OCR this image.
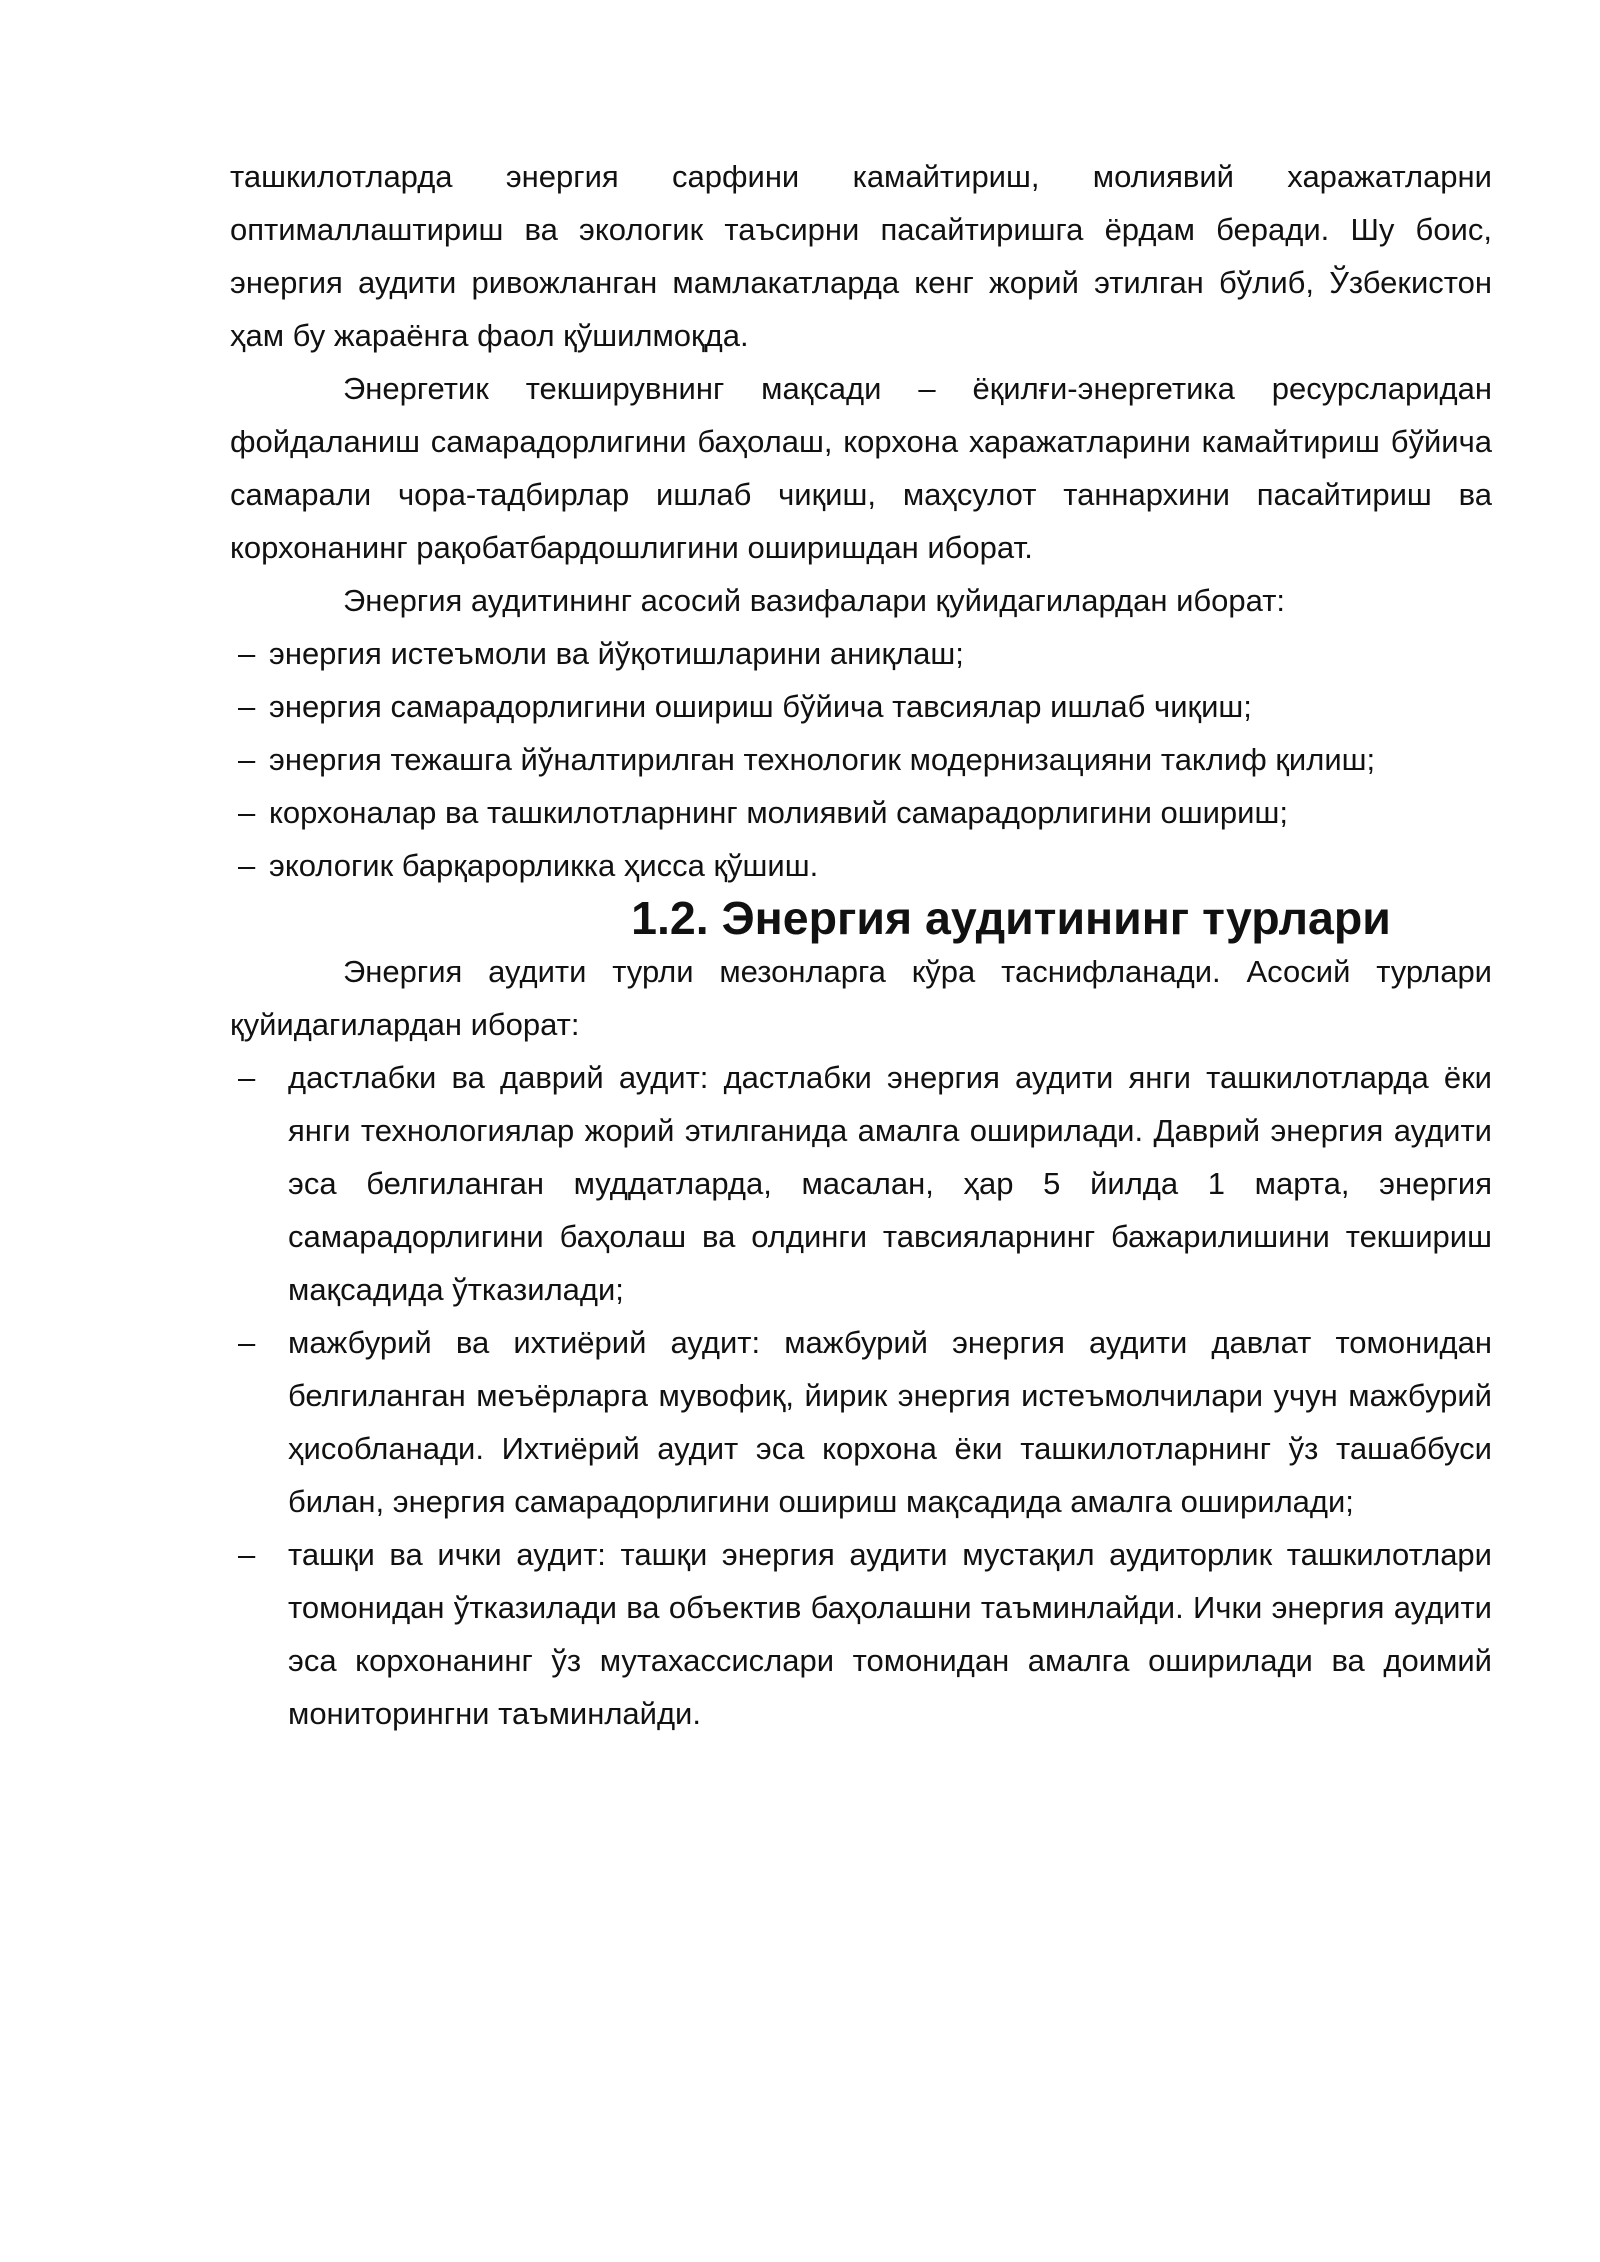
ташкилотларда энергия сарфини камайтириш, молиявий харажатларни оптималлаштириш ва экологик таъсирни пасайтиришга ёрдам беради. Шу боис, энергия аудити ривожланган мамлакатларда кенг жорий этилган бўлиб, Ўзбекистон ҳам бу жараёнга фаол қўшилмоқда.

Энергетик текширувнинг мақсади – ёқилғи-энергетика ресурсларидан фойдаланиш самарадорлигини баҳолаш, корхона харажатларини камайтириш бўйича самарали чора-тадбирлар ишлаб чиқиш, маҳсулот таннархини пасайтириш ва корхонанинг рақобатбардошлигини оширишдан иборат.

Энергия аудитининг асосий вазифалари қуйидагилардан иборат:

– энергия истеъмоли ва йўқотишларини аниқлаш;
– энергия самарадорлигини ошириш бўйича тавсиялар ишлаб чиқиш;
– энергия тежашга йўналтирилган технологик модернизацияни таклиф қилиш;
– корхоналар ва ташкилотларнинг молиявий самарадорлигини ошириш;
– экологик барқарорликка ҳисса қўшиш.
1.2. Энергия аудитининг турлари

Энергия аудити турли мезонларга кўра таснифланади. Асосий турлари қуйидагилардан иборат:

– дастлабки ва даврий аудит: дастлабки энергия аудити янги ташкилотларда ёки янги технологиялар жорий этилганида амалга оширилади. Даврий энергия аудити эса белгиланган муддатларда, масалан, ҳар 5 йилда 1 марта, энергия самарадорлигини баҳолаш ва олдинги тавсияларнинг бажарилишини текшириш мақсадида ўтказилади;
– мажбурий ва ихтиёрий аудит: мажбурий энергия аудити давлат томонидан белгиланган меъёрларга мувофиқ, йирик энергия истеъмолчилари учун мажбурий ҳисобланади. Ихтиёрий аудит эса корхона ёки ташкилотларнинг ўз ташаббуси билан, энергия самарадорлигини ошириш мақсадида амалга оширилади;
– ташқи ва ички аудит: ташқи энергия аудити мустақил аудиторлик ташкилотлари томонидан ўтказилади ва объектив баҳолашни таъминлайди. Ички энергия аудити эса корхонанинг ўз мутахассислари томонидан амалга оширилади ва доимий мониторингни таъминлайди.
